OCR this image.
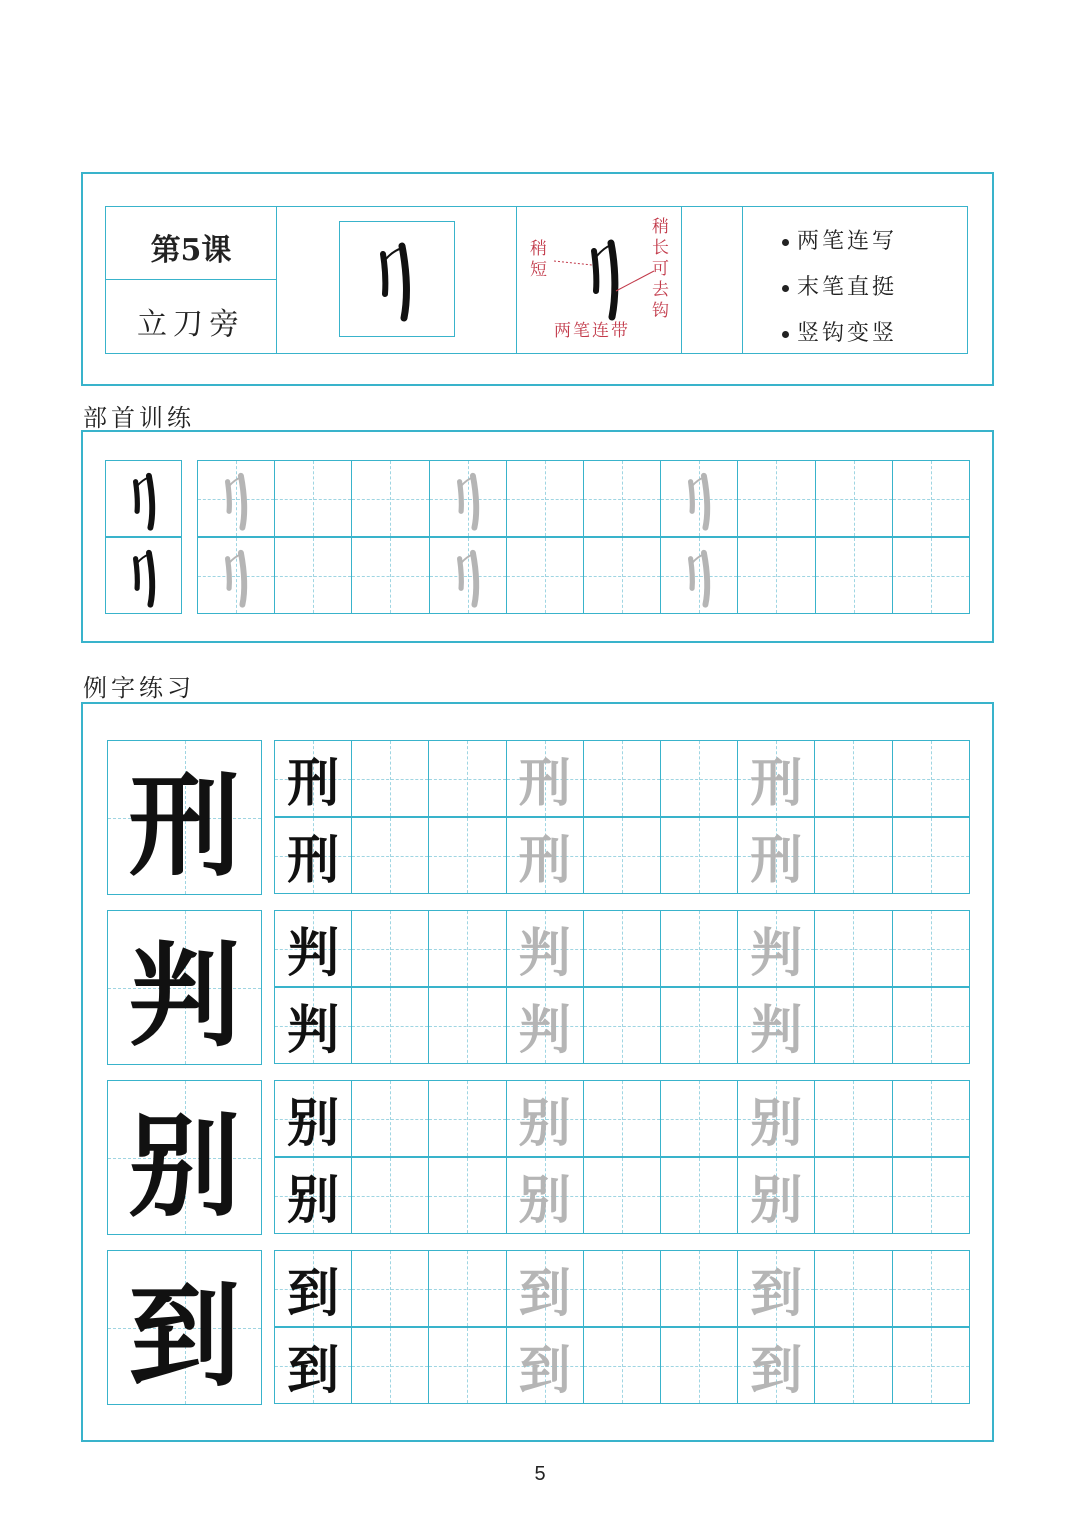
第5课
立刀旁
稍
短
稍
长
可
去
钩
两笔连带
两笔连写
末笔直挺
竖钩变竖
部首训练
例字练习
刑 刑	刑	刑
刑	刑	刑
判 判	判	判
判	判	判
别 别	别	别
别	别	别
到 到	到	到
到	到	到
5
